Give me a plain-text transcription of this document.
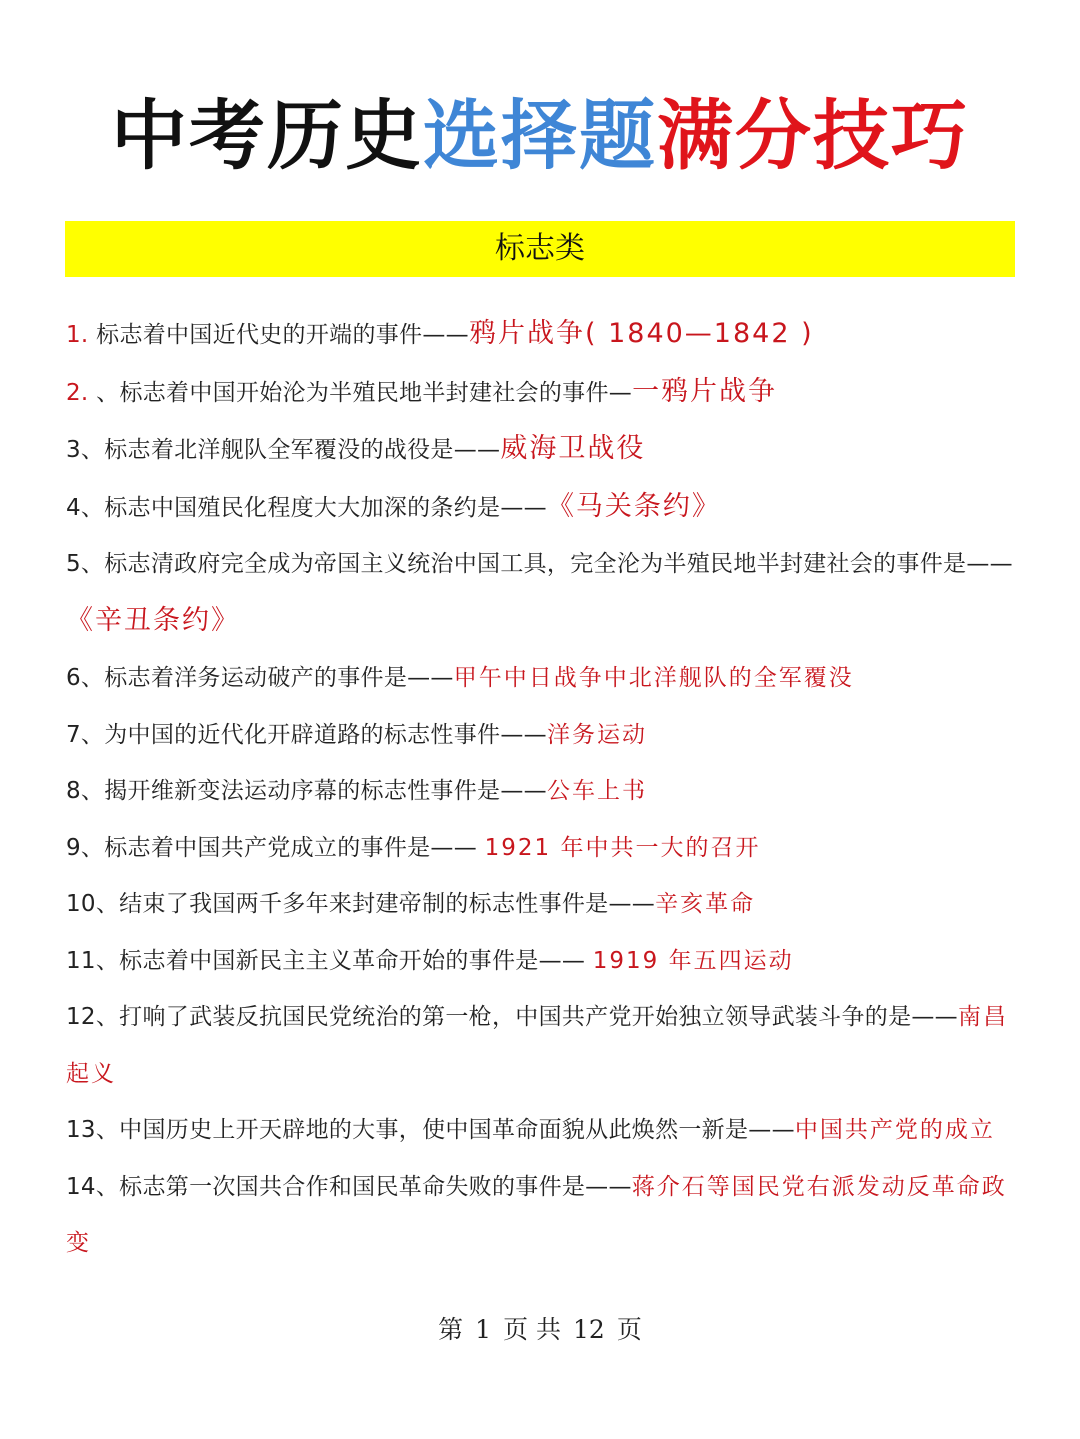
中考历史选择题满分技巧
标志类
1. 标志着中国近代史的开端的事件——鸦片战争( 1840—1842 )
2. 、标志着中国开始沦为半殖民地半封建社会的事件—一鸦片战争
3、标志着北洋舰队全军覆没的战役是——威海卫战役
4、标志中国殖民化程度大大加深的条约是——《马关条约》
5、标志清政府完全成为帝国主义统治中国工具，完全沦为半殖民地半封建社会的事件是——《辛丑条约》
6、标志着洋务运动破产的事件是——甲午中日战争中北洋舰队的全军覆没
7、为中国的近代化开辟道路的标志性事件——洋务运动
8、揭开维新变法运动序幕的标志性事件是——公车上书
9、标志着中国共产党成立的事件是—— 1921 年中共一大的召开
10、结束了我国两千多年来封建帝制的标志性事件是——辛亥革命
11、标志着中国新民主主义革命开始的事件是—— 1919 年五四运动
12、打响了武装反抗国民党统治的第一枪，中国共产党开始独立领导武装斗争的是——南昌起义
13、中国历史上开天辟地的大事，使中国革命面貌从此焕然一新是——中国共产党的成立
14、标志第一次国共合作和国民革命失败的事件是——蒋介石等国民党右派发动反革命政变
第 1 页 共 12 页
